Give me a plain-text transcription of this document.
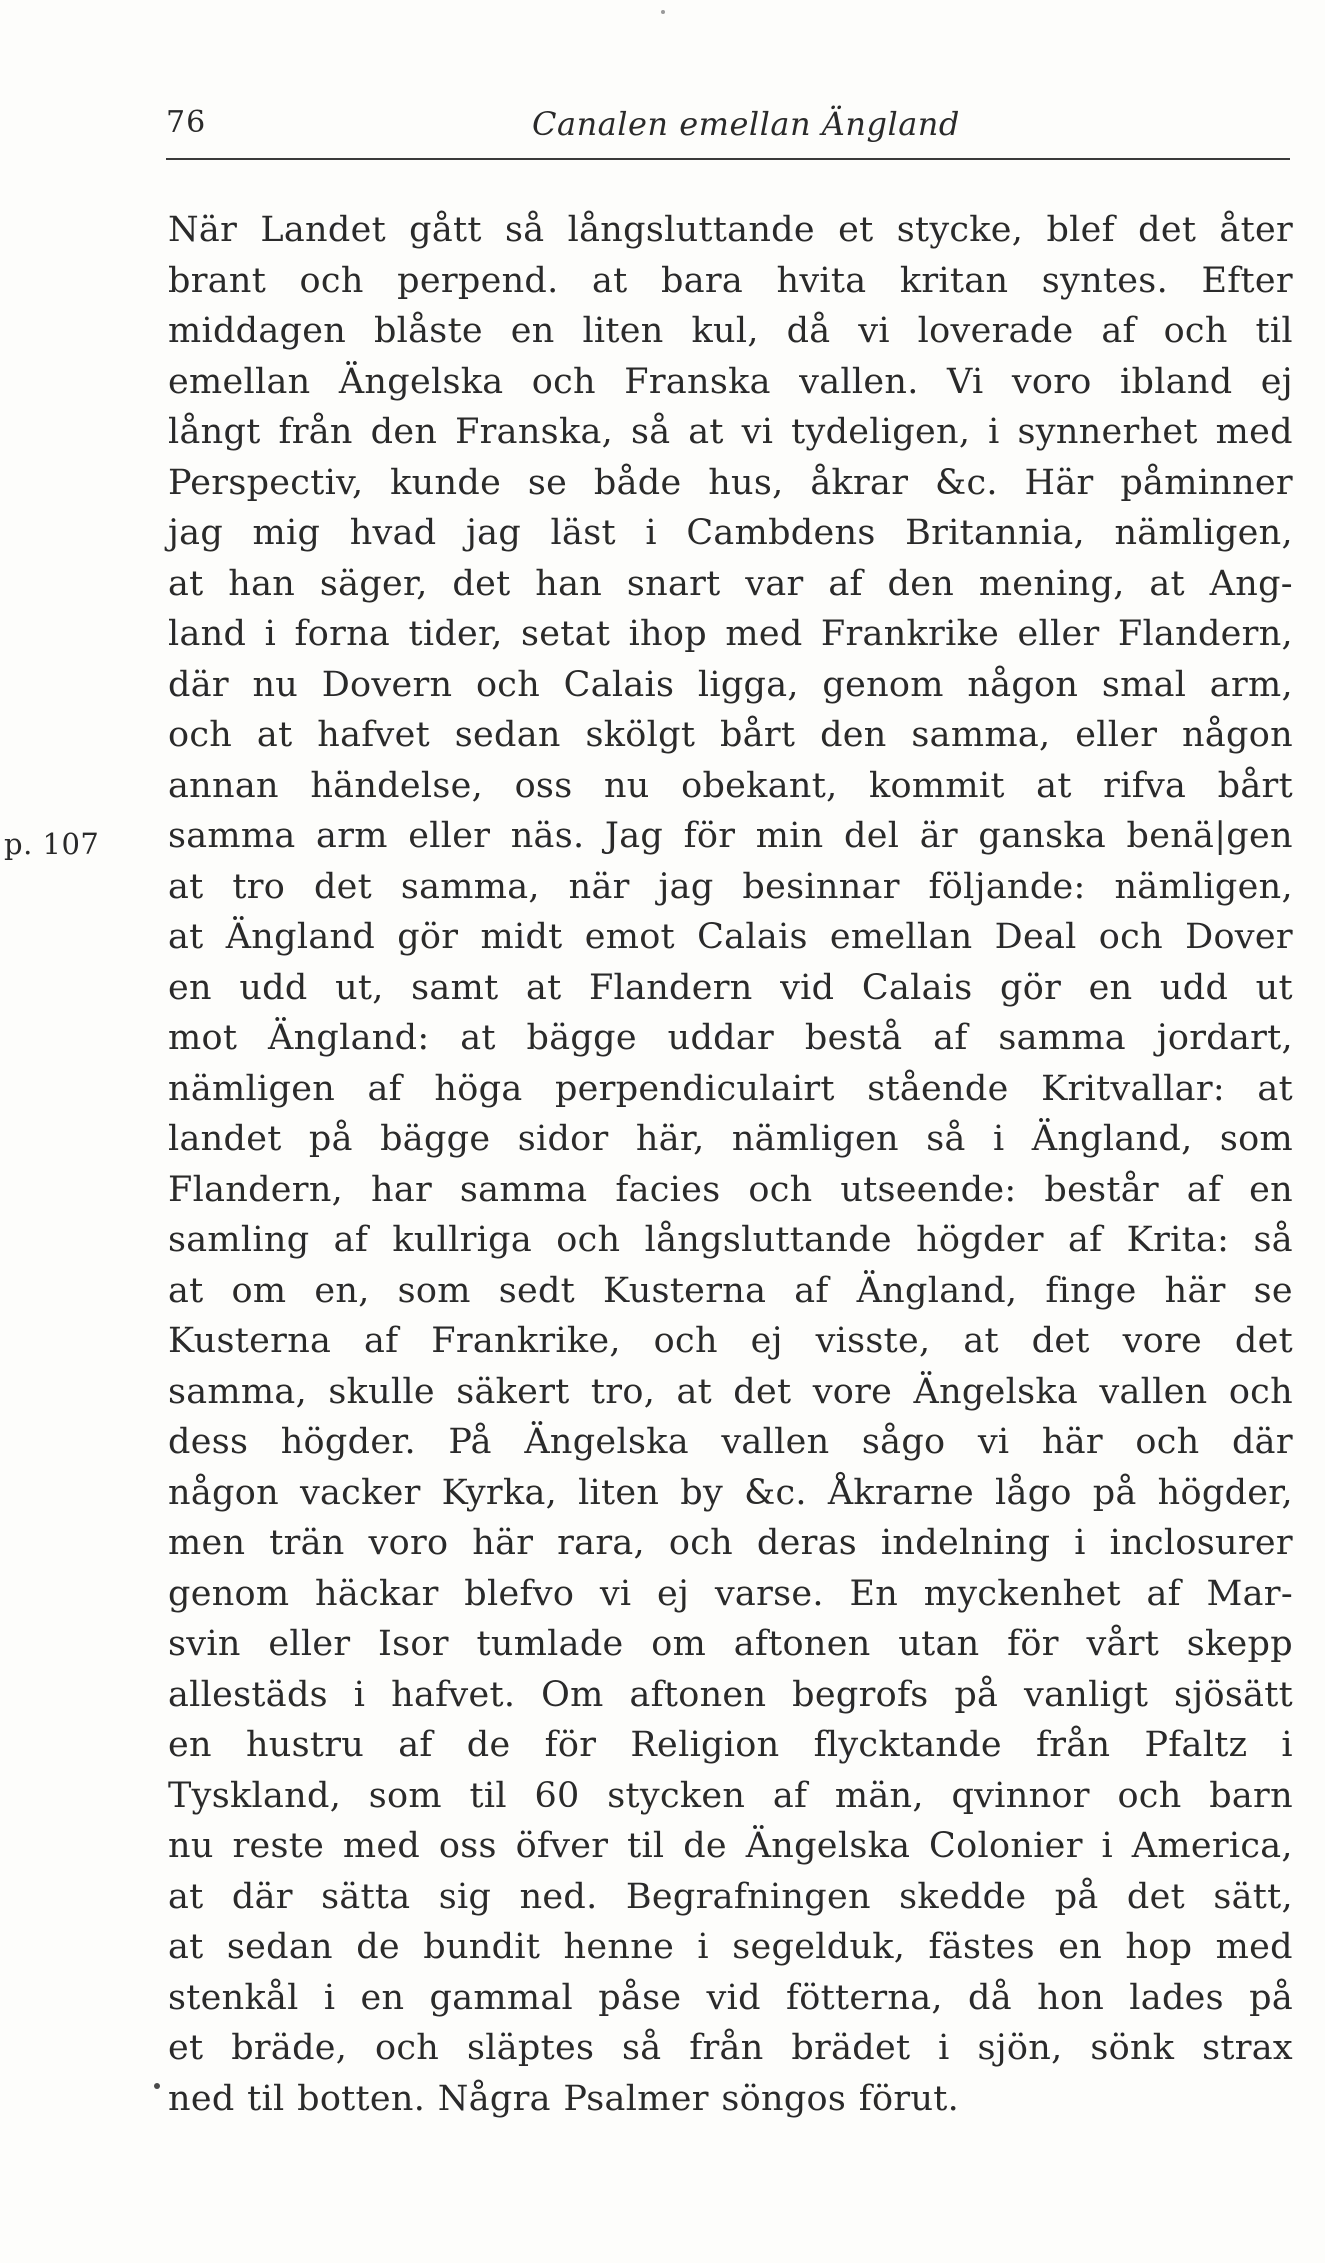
76	Canalen emellan Ängland
p. 107
När Landet gått så långsluttande et stycke, blef det åter
brant och perpend. at bara hvita kritan syntes. Efter
middagen blåste en liten kul, då vi loverade af och til
emellan Ängelska och Franska vallen. Vi voro ibland ej
långt från den Franska, så at vi tydeligen, i synnerhet med
Perspectiv, kunde se både hus, åkrar &c. Här påminner
jag mig hvad jag läst i Cambdens Britannia, nämligen,
at han säger, det han snart var af den mening, at Ang-
land i forna tider, setat ihop med Frankrike eller Flandern,
där nu Dovern och Calais ligga, genom någon smal arm,
och at hafvet sedan skölgt bårt den samma, eller någon
annan händelse, oss nu obekant, kommit at rifva bårt
samma arm eller näs. Jag för min del är ganska benä|gen
at tro det samma, när jag besinnar följande: nämligen,
at Ängland gör midt emot Calais emellan Deal och Dover
en udd ut, samt at Flandern vid Calais gör en udd ut
mot Ängland: at bägge uddar bestå af samma jordart,
nämligen af höga perpendiculairt stående Kritvallar: at
landet på bägge sidor här, nämligen så i Ängland, som
Flandern, har samma facies och utseende: består af en
samling af kullriga och långsluttande högder af Krita: så
at om en, som sedt Kusterna af Ängland, finge här se
Kusterna af Frankrike, och ej visste, at det vore det
samma, skulle säkert tro, at det vore Ängelska vallen och
dess högder. På Ängelska vallen sågo vi här och där
någon vacker Kyrka, liten by &c. Åkrarne lågo på högder,
men trän voro här rara, och deras indelning i inclosurer
genom häckar blefvo vi ej varse. En myckenhet af Mar-
svin eller Isor tumlade om aftonen utan för vårt skepp
allestäds i hafvet. Om aftonen begrofs på vanligt sjösätt
en hustru af de för Religion flycktande från Pfaltz i
Tyskland, som til 60 stycken af män, qvinnor och barn
nu reste med oss öfver til de Ängelska Colonier i America,
at där sätta sig ned. Begrafningen skedde på det sätt,
at sedan de bundit henne i segelduk, fästes en hop med
stenkål i en gammal påse vid fötterna, då hon lades på
et bräde, och släptes så från brädet i sjön, sönk strax
ned til botten. Några Psalmer söngos förut.
